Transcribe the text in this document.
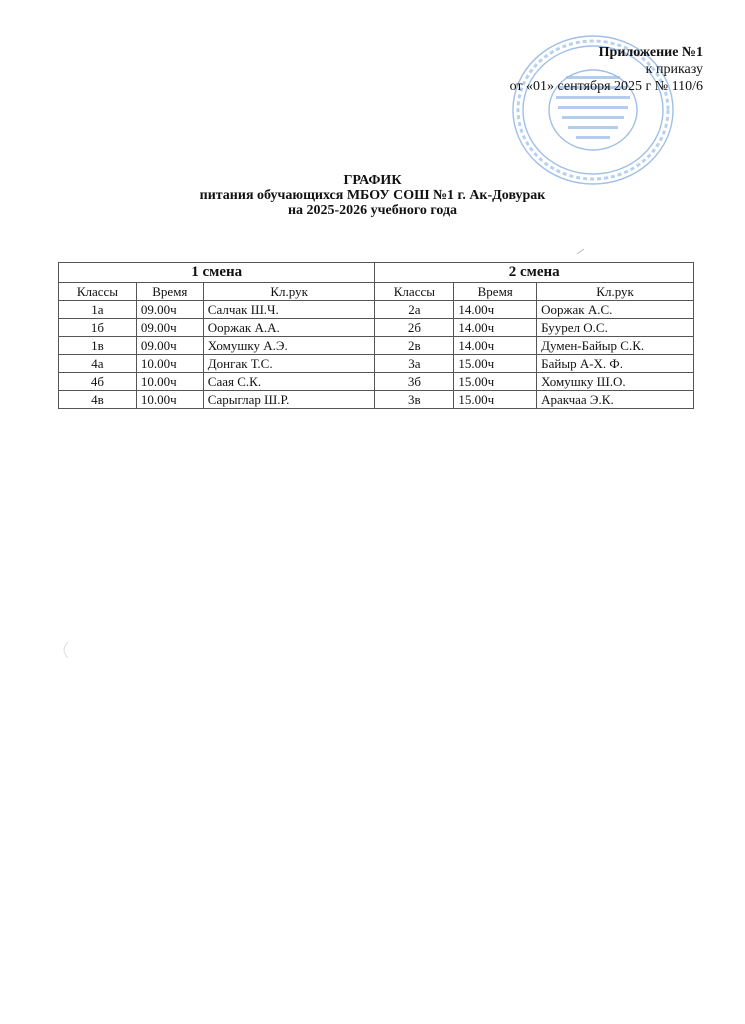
Приложение №1
к приказу
от «01» сентября 2025 г № 110/6
ГРАФИК
питания обучающихся МБОУ СОШ №1 г. Ак-Довурак
на 2025-2026 учебного года
1 смена			2 смена		
Классы	Время	Кл.рук	Классы	Время	Кл.рук
1а	09.00ч	Салчак Ш.Ч.	2а	14.00ч	Ооржак А.С.
1б	09.00ч	Ооржак А.А.	2б	14.00ч	Буурел О.С.
1в	09.00ч	Хомушку А.Э.	2в	14.00ч	Думен-Байыр С.К.
4а	10.00ч	Донгак Т.С.	3а	15.00ч	Байыр А-Х. Ф.
4б	10.00ч	Саая С.К.	3б	15.00ч	Хомушку Ш.О.
4в	10.00ч	Сарыглар Ш.Р.	3в	15.00ч	Аракчаа Э.К.
